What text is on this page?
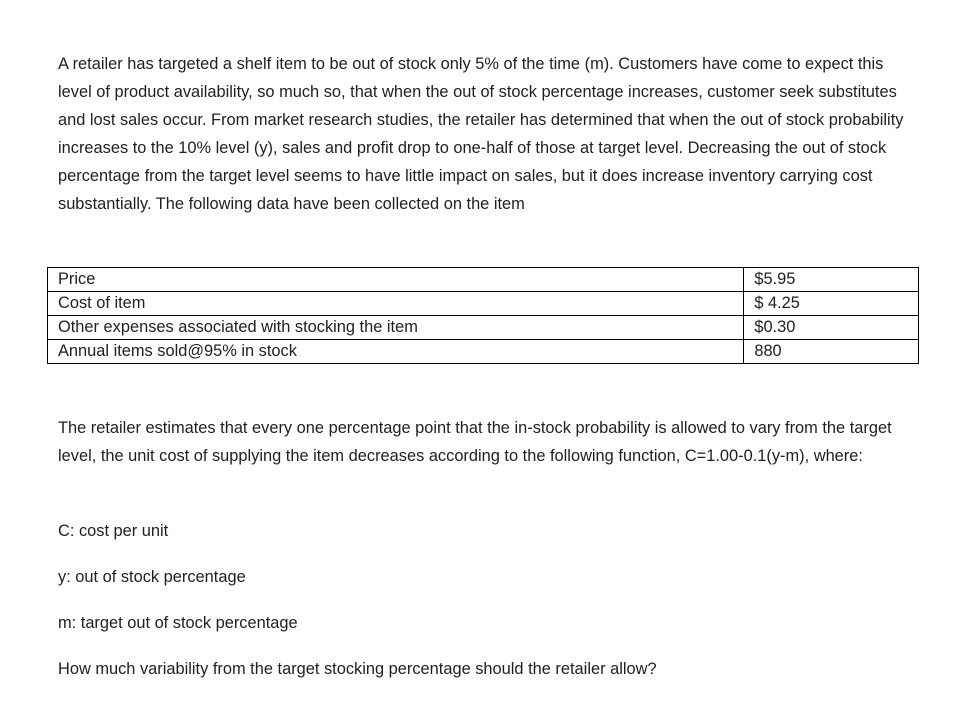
A retailer has targeted a shelf item to be out of stock only 5% of the time (m). Customers have come to expect this level of product availability, so much so, that when the out of stock percentage increases, customer seek substitutes and lost sales occur. From market research studies, the retailer has determined that when the out of stock probability increases to the 10% level (y), sales and profit drop to one-half of those at target level. Decreasing the out of stock percentage from the target level seems to have little impact on sales, but it does increase inventory carrying cost substantially. The following data have been collected on the item

Price	$5.95
Cost of item	$ 4.25
Other expenses associated with stocking the item	$0.30
Annual items sold@95% in stock	880

The retailer estimates that every one percentage point that the in-stock probability is allowed to vary from the target level, the unit cost of supplying the item decreases according to the following function, C=1.00-0.1(y-m), where:

C: cost per unit

y: out of stock percentage

m: target out of stock percentage

How much variability from the target stocking percentage should the retailer allow?
